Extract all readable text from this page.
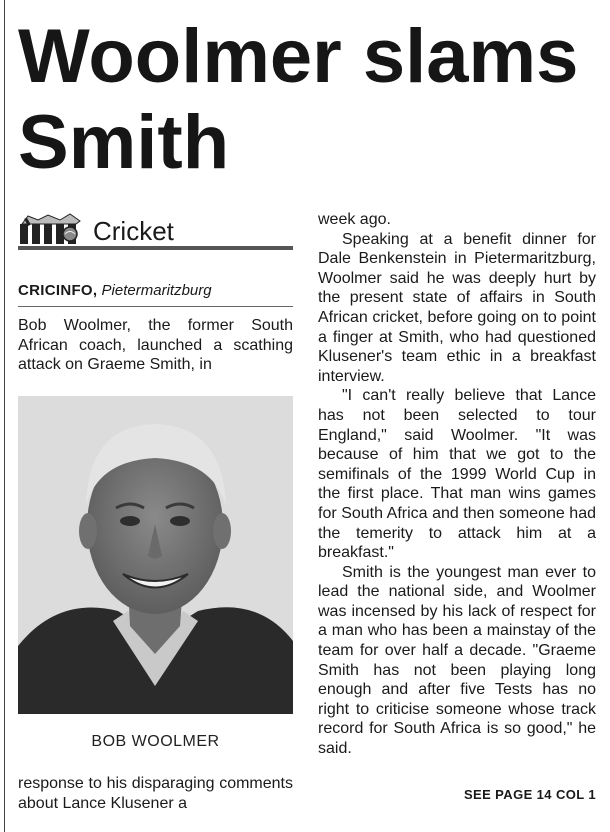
Woolmer slams Smith
Cricket
CRICINFO, Pietermaritzburg

Bob Woolmer, the former South African coach, launched a scathing attack on Graeme Smith, in

BOB WOOLMER

response to his disparaging comments about Lance Klusener a

week ago.

Speaking at a benefit dinner for Dale Benkenstein in Pietermaritzburg, Woolmer said he was deeply hurt by the present state of affairs in South African cricket, before going on to point a finger at Smith, who had questioned Klusener's team ethic in a breakfast interview.

"I can't really believe that Lance has not been selected to tour England," said Woolmer. "It was because of him that we got to the semifinals of the 1999 World Cup in the first place. That man wins games for South Africa and then someone had the temerity to attack him at a breakfast."

Smith is the youngest man ever to lead the national side, and Woolmer was incensed by his lack of respect for a man who has been a mainstay of the team for over half a decade. "Graeme Smith has not been playing long enough and after five Tests has no right to criticise someone whose track record for South Africa is so good," he said.

SEE PAGE 14 COL 1
